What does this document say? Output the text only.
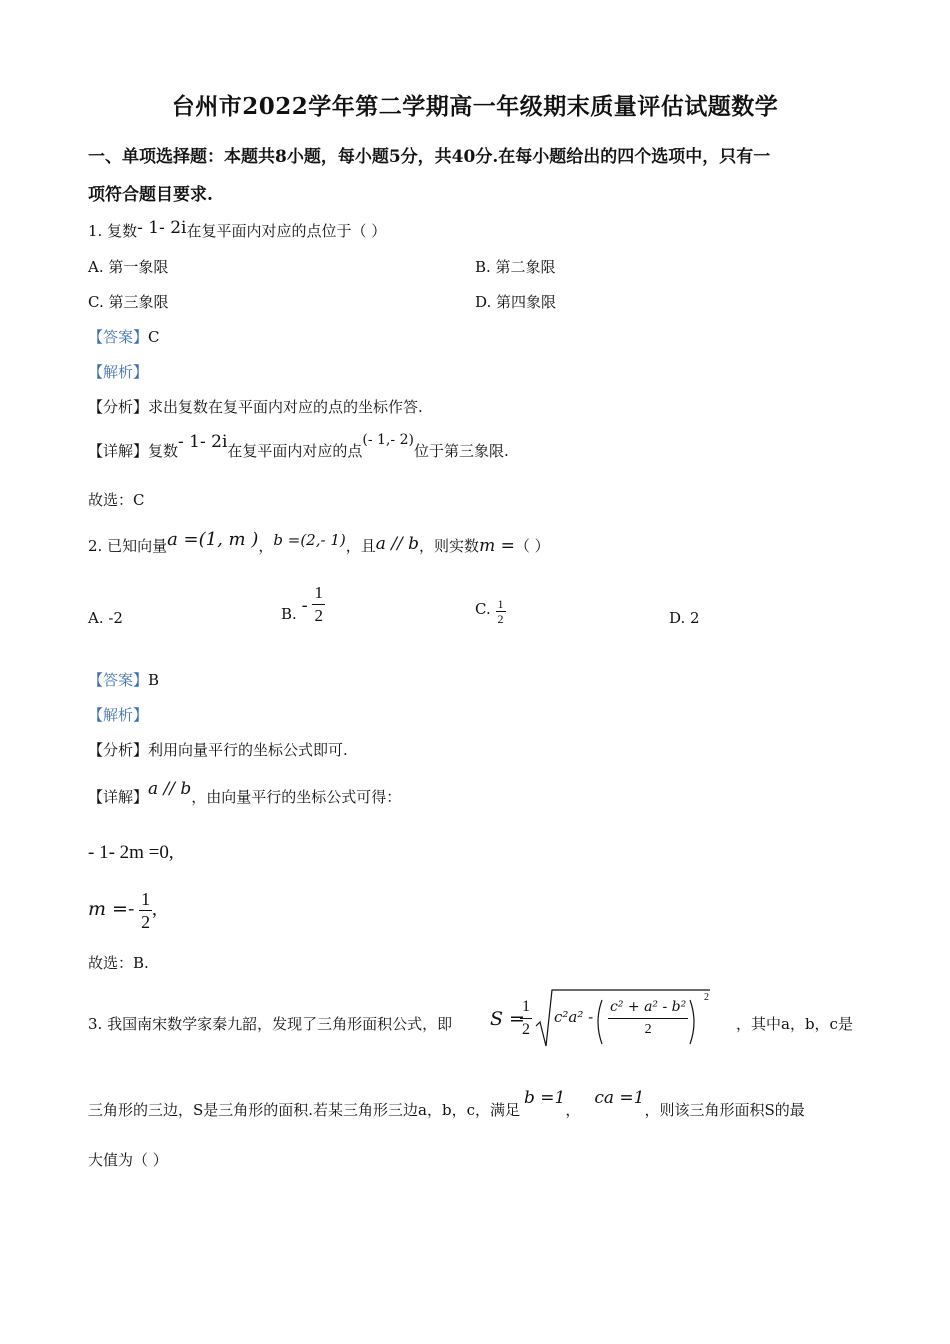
台州市2022学年第二学期高一年级期末质量评估试题数学
一、单项选择题：本题共8小题，每小题5分，共40分.在每小题给出的四个选项中，只有一
项符合题目要求.
1. 复数- 1- 2i在复平面内对应的点位于（ ）
A. 第一象限	B. 第二象限
C. 第三象限	D. 第四象限
【答案】C
【解析】
【分析】求出复数在复平面内对应的点的坐标作答.
【详解】复数- 1- 2i在复平面内对应的点(- 1,- 2)位于第三象限.
故选：C
2. 已知向量a =(1, m )，b =(2,- 1)，且a // b，则实数m =（ ）
A. -2	B. - $\frac{1}{2}$	C. $\frac{1}{2}$	D. 2
【答案】B
【解析】
【分析】利用向量平行的坐标公式即可.
【详解】a // b，由向量平行的坐标公式可得：
- 1- 2m =0,
$m =- \frac{1}{2}$ ,
故选：B.
3. 我国南宋数学家秦九韶，发现了三角形面积公式，即 S =
$\frac{1}{2} c^2a^2 - \frac{\text{c² + a² - b²}}{2} 2$
，其中a，b，c是
三角形的三边，S是三角形的面积.若某三角形三边a，b，c，满足b =1，ca =1，则该三角形面积S的最
大值为（ ）
